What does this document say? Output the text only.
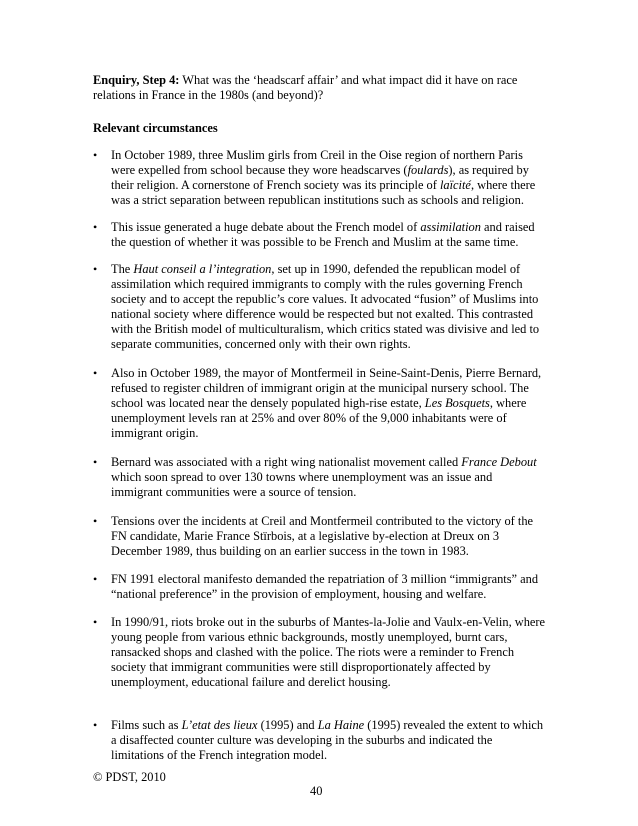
Enquiry, Step 4: What was the ‘headscarf affair’ and what impact did it have on race relations in France in the 1980s (and beyond)?
Relevant circumstances
• In October 1989, three Muslim girls from Creil in the Oise region of northern Paris were expelled from school because they wore headscarves (foulards), as required by their religion. A cornerstone of French society was its principle of laïcité, where there was a strict separation between republican institutions such as schools and religion.
• This issue generated a huge debate about the French model of assimilation and raised the question of whether it was possible to be French and Muslim at the same time.
• The Haut conseil a l’integration, set up in 1990, defended the republican model of assimilation which required immigrants to comply with the rules governing French society and to accept the republic’s core values. It advocated “fusion” of Muslims into national society where difference would be respected but not exalted. This contrasted with the British model of multiculturalism, which critics stated was divisive and led to separate communities, concerned only with their own rights.
• Also in October 1989, the mayor of Montfermeil in Seine-Saint-Denis, Pierre Bernard, refused to register children of immigrant origin at the municipal nursery school. The school was located near the densely populated high-rise estate, Les Bosquets, where unemployment levels ran at 25% and over 80% of the 9,000 inhabitants were of immigrant origin.
• Bernard was associated with a right wing nationalist movement called France Debout which soon spread to over 130 towns where unemployment was an issue and immigrant communities were a source of tension.
• Tensions over the incidents at Creil and Montfermeil contributed to the victory of the FN candidate, Marie France Stïrbois, at a legislative by-election at Dreux on 3 December 1989, thus building on an earlier success in the town in 1983.
• FN 1991 electoral manifesto demanded the repatriation of 3 million “immigrants” and “national preference” in the provision of employment, housing and welfare.
• In 1990/91, riots broke out in the suburbs of Mantes-la-Jolie and Vaulx-en-Velin, where young people from various ethnic backgrounds, mostly unemployed, burnt cars, ransacked shops and clashed with the police. The riots were a reminder to French society that immigrant communities were still disproportionately affected by unemployment, educational failure and derelict housing.
• Films such as L’etat des lieux (1995) and La Haine (1995) revealed the extent to which a disaffected counter culture was developing in the suburbs and indicated the limitations of the French integration model.
© PDST, 2010
40
